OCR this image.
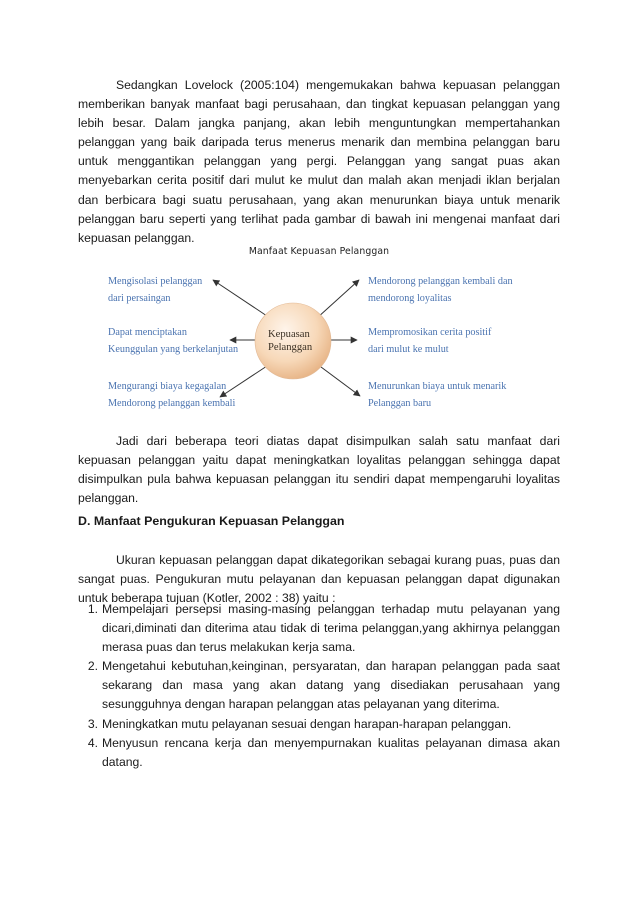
Sedangkan Lovelock (2005:104) mengemukakan bahwa kepuasan pelanggan memberikan banyak manfaat bagi perusahaan, dan tingkat kepuasan pelanggan yang lebih besar. Dalam jangka panjang, akan lebih menguntungkan mempertahankan pelanggan yang baik daripada terus menerus menarik dan membina pelanggan baru untuk menggantikan pelanggan yang pergi. Pelanggan yang sangat puas akan menyebarkan cerita positif dari mulut ke mulut dan malah akan menjadi iklan berjalan dan berbicara bagi suatu perusahaan, yang akan menurunkan biaya untuk menarik pelanggan baru seperti yang terlihat pada gambar di bawah ini mengenai manfaat dari kepuasan pelanggan.

Manfaat Kepuasan Pelanggan
Kepuasan
Pelanggan
Mengisolasi pelanggan
dari persaingan
Dapat menciptakan
Keunggulan yang berkelanjutan
Mengurangi biaya kegagalan
Mendorong pelanggan kembali
Mendorong pelanggan kembali dan
mendorong loyalitas
Mempromosikan cerita positif
dari mulut ke mulut
Menurunkan biaya untuk menarik
Pelanggan baru

Jadi dari beberapa teori diatas dapat disimpulkan salah satu manfaat dari kepuasan pelanggan yaitu dapat meningkatkan loyalitas pelanggan sehingga dapat disimpulkan pula bahwa kepuasan pelanggan itu sendiri dapat mempengaruhi loyalitas pelanggan.

D. Manfaat Pengukuran Kepuasan Pelanggan

Ukuran kepuasan pelanggan dapat dikategorikan sebagai kurang puas, puas dan sangat puas. Pengukuran mutu pelayanan dan kepuasan pelanggan dapat digunakan untuk beberapa tujuan (Kotler, 2002 : 38) yaitu :

1. Mempelajari persepsi masing-masing pelanggan terhadap mutu pelayanan yang dicari,diminati dan diterima atau tidak di terima pelanggan,yang akhirnya pelanggan merasa puas dan terus melakukan kerja sama.
2. Mengetahui kebutuhan,keinginan, persyaratan, dan harapan pelanggan pada saat sekarang dan masa yang akan datang yang disediakan perusahaan yang sesungguhnya dengan harapan pelanggan atas pelayanan yang diterima.
3. Meningkatkan mutu pelayanan sesuai dengan harapan-harapan pelanggan.
4. Menyusun rencana kerja dan menyempurnakan kualitas pelayanan dimasa akan datang.
